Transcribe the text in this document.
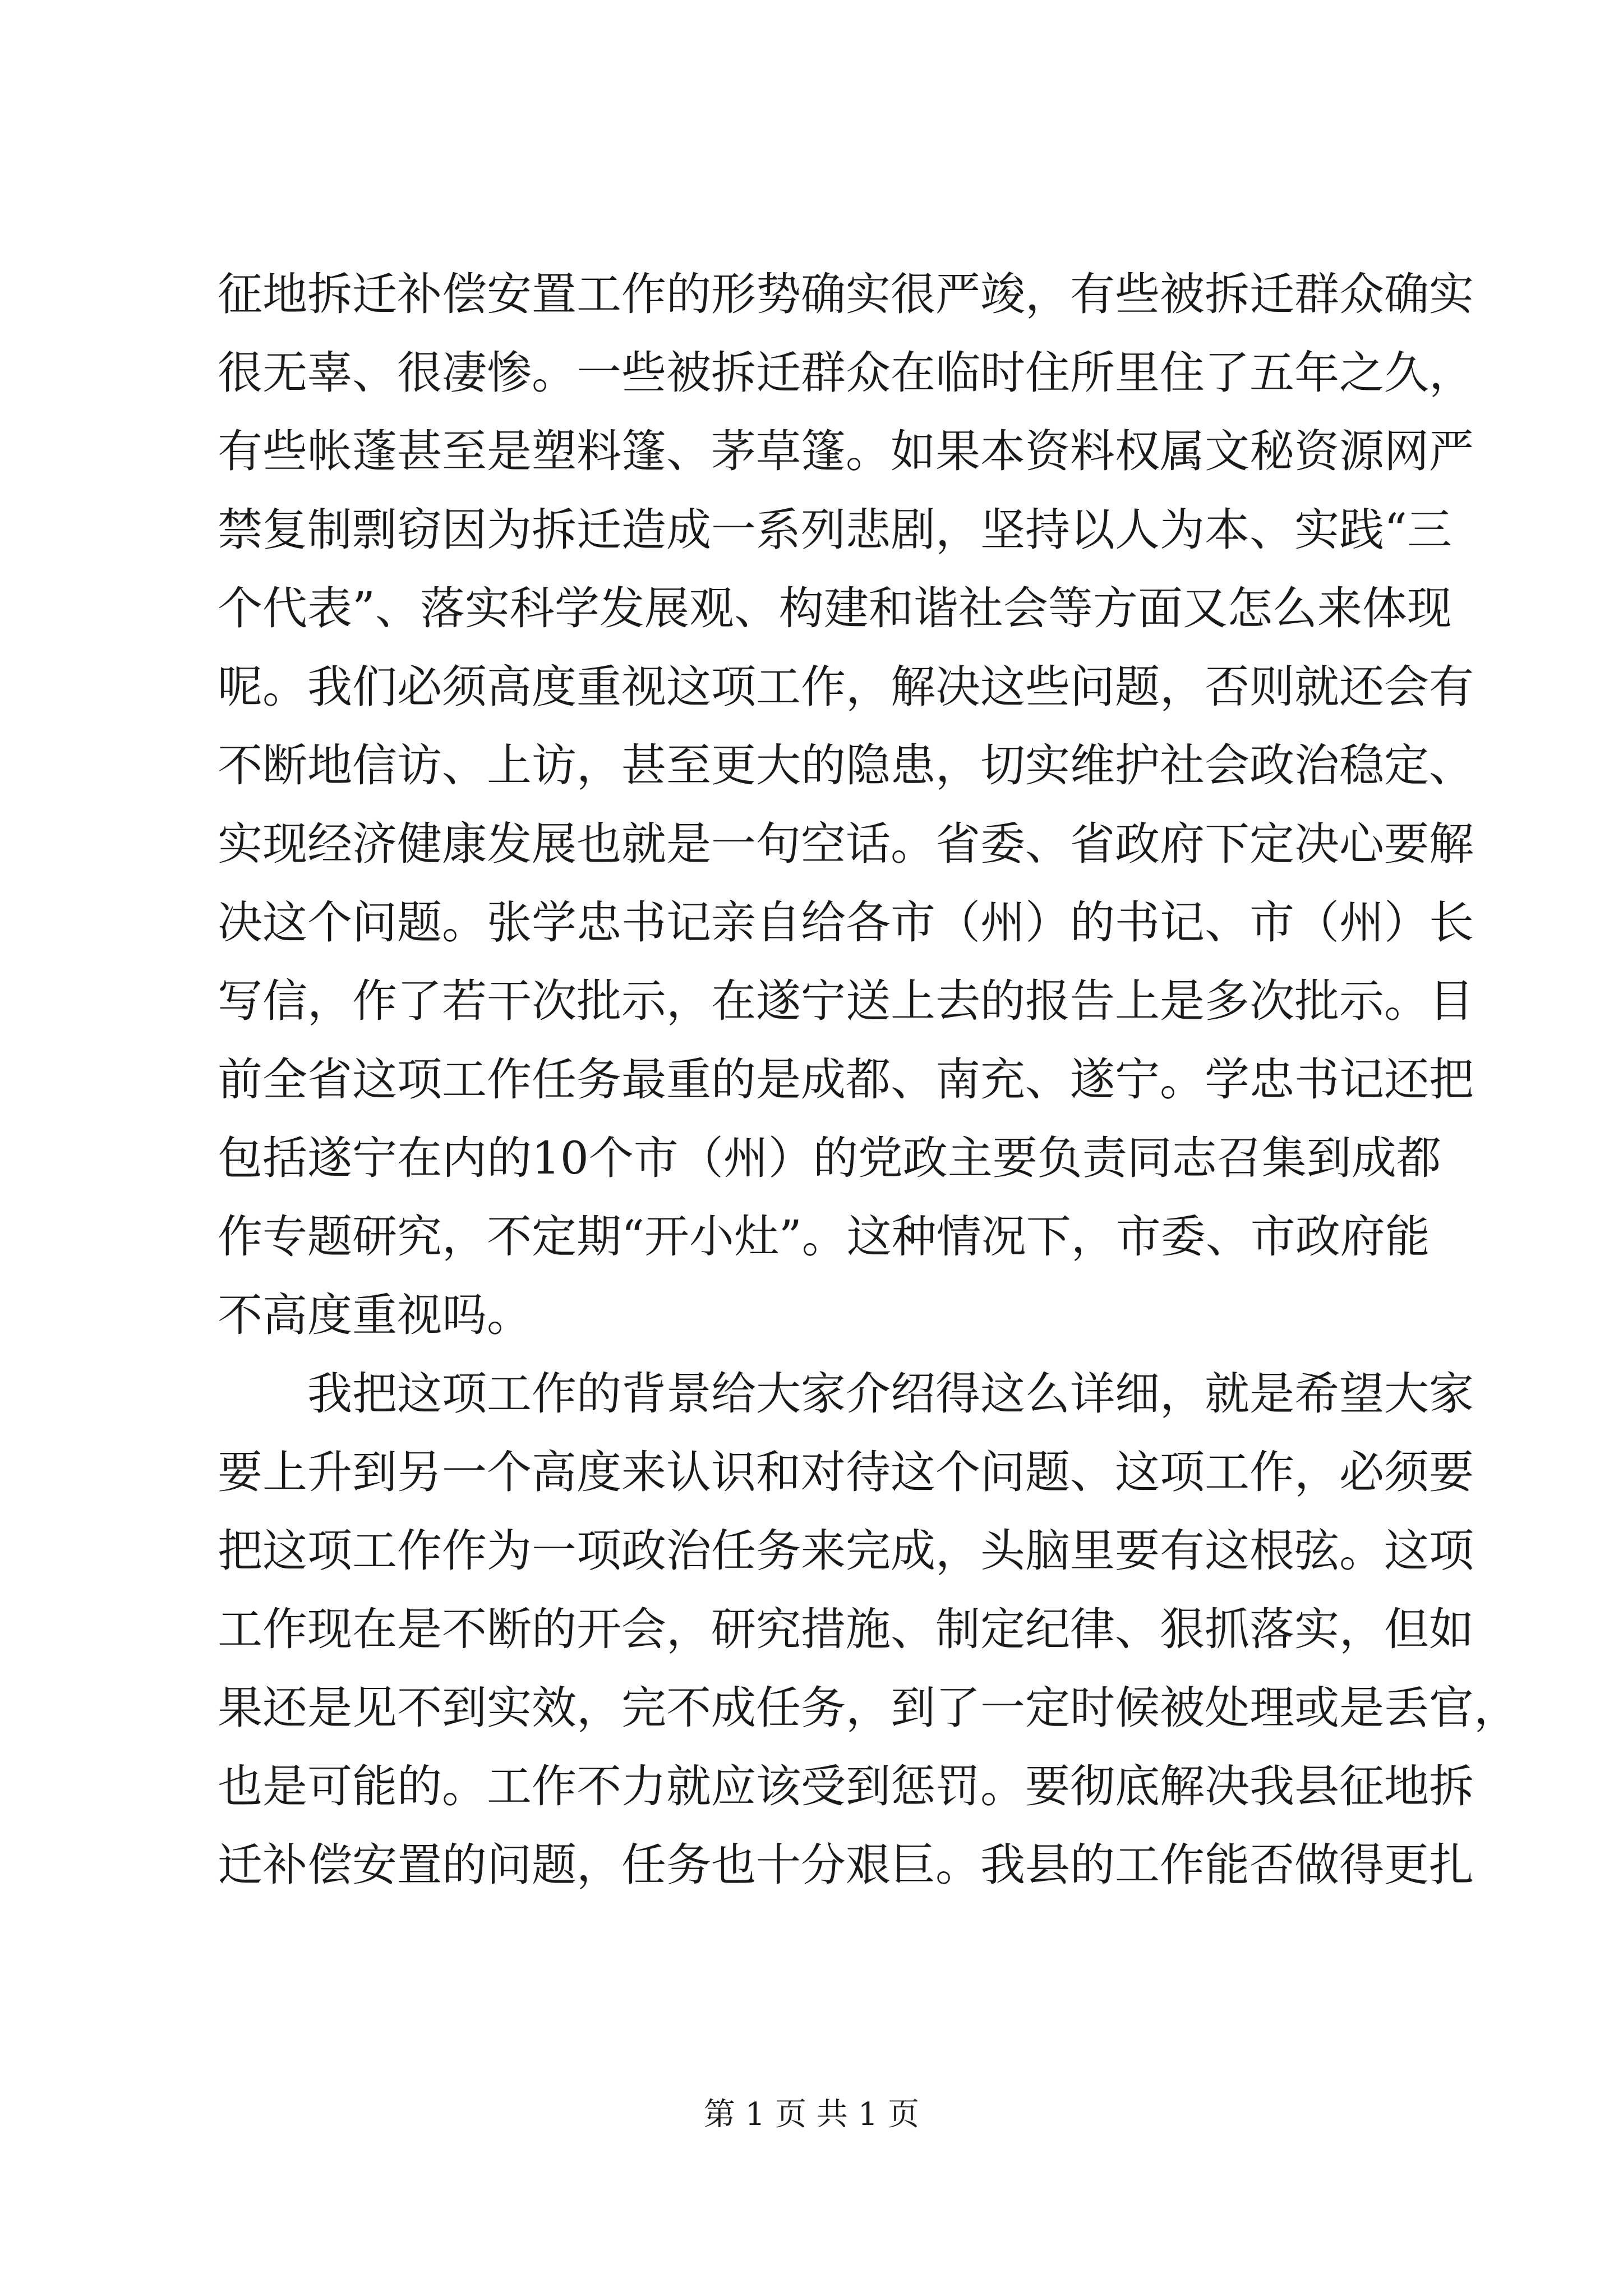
征地拆迁补偿安置工作的形势确实很严竣，有些被拆迁群众确实
很无辜、很凄惨。一些被拆迁群众在临时住所里住了五年之久，
有些帐蓬甚至是塑料篷、茅草篷。如果本资料权属文秘资源网严
禁复制剽窃因为拆迁造成一系列悲剧，坚持以人为本、实践“三
个代表”、落实科学发展观、构建和谐社会等方面又怎么来体现
呢。我们必须高度重视这项工作，解决这些问题，否则就还会有
不断地信访、上访，甚至更大的隐患，切实维护社会政治稳定、
实现经济健康发展也就是一句空话。省委、省政府下定决心要解
决这个问题。张学忠书记亲自给各市（州）的书记、市（州）长
写信，作了若干次批示，在遂宁送上去的报告上是多次批示。目
前全省这项工作任务最重的是成都、南充、遂宁。学忠书记还把
包括遂宁在内的10个市（州）的党政主要负责同志召集到成都
作专题研究，不定期“开小灶”。这种情况下，市委、市政府能
不高度重视吗。
我把这项工作的背景给大家介绍得这么详细，就是希望大家
要上升到另一个高度来认识和对待这个问题、这项工作，必须要
把这项工作作为一项政治任务来完成，头脑里要有这根弦。这项
工作现在是不断的开会，研究措施、制定纪律、狠抓落实，但如
果还是见不到实效，完不成任务，到了一定时候被处理或是丢官，
也是可能的。工作不力就应该受到惩罚。要彻底解决我县征地拆
迁补偿安置的问题，任务也十分艰巨。我县的工作能否做得更扎
第 1 页 共 1 页
